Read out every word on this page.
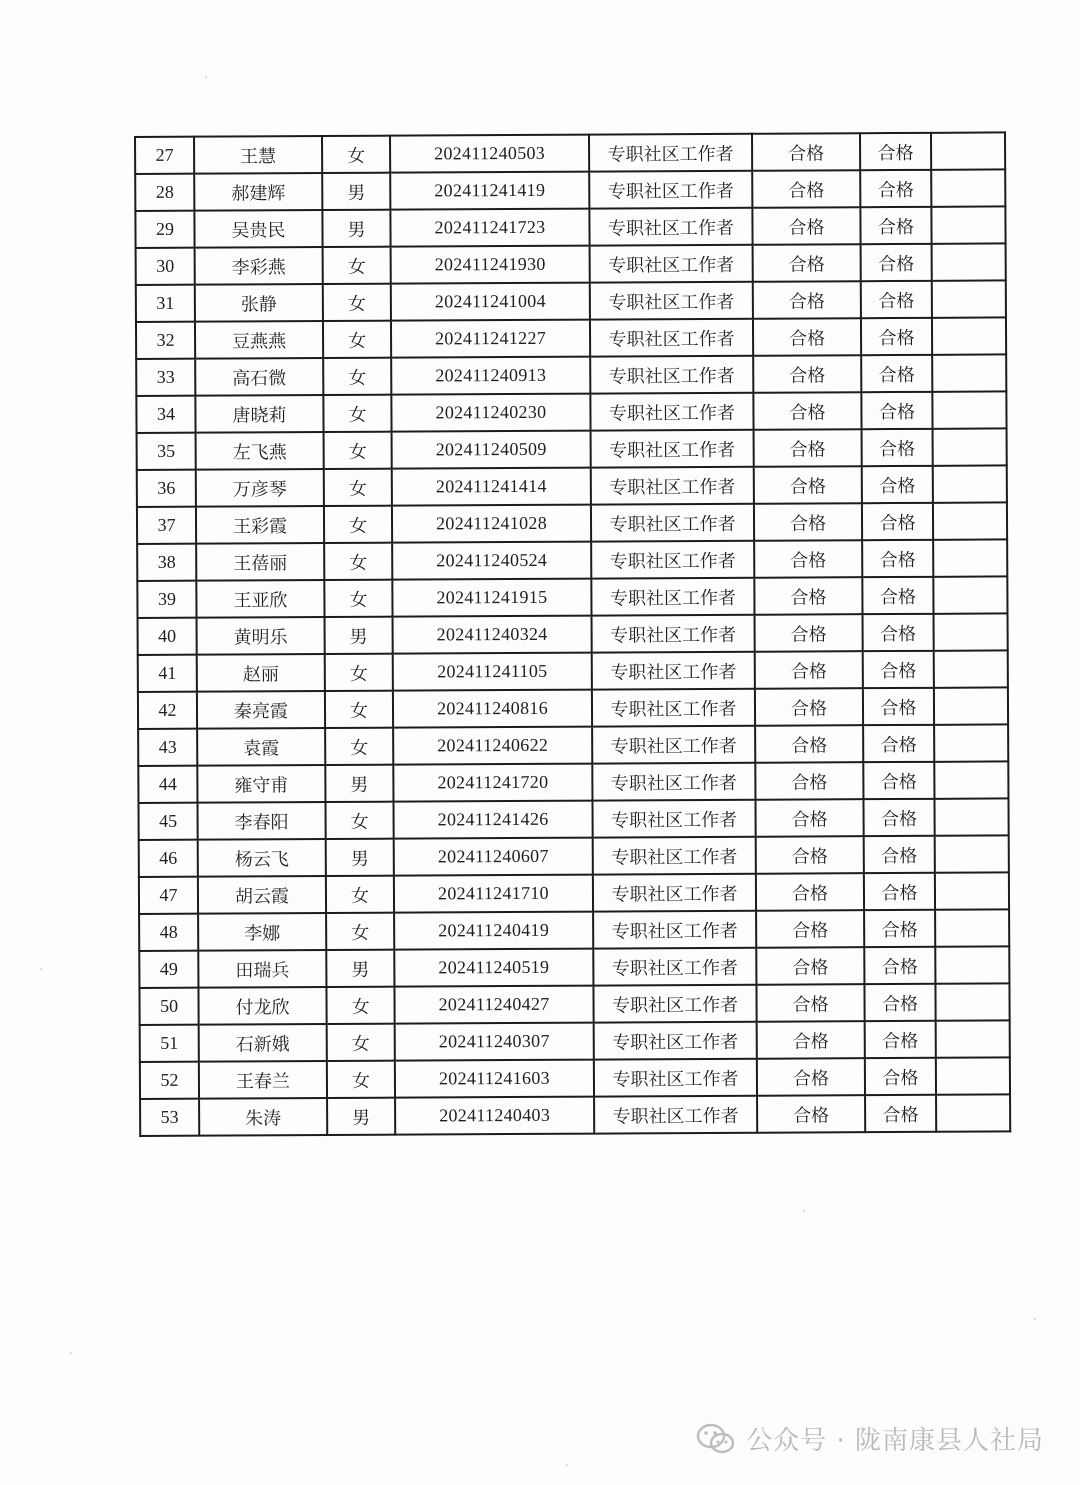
27	王慧	女	202411240503	专职社区工作者	合格	合格	
28	郝建辉	男	202411241419	专职社区工作者	合格	合格	
29	吴贵民	男	202411241723	专职社区工作者	合格	合格	
30	李彩燕	女	202411241930	专职社区工作者	合格	合格	
31	张静	女	202411241004	专职社区工作者	合格	合格	
32	豆燕燕	女	202411241227	专职社区工作者	合格	合格	
33	高石微	女	202411240913	专职社区工作者	合格	合格	
34	唐晓莉	女	202411240230	专职社区工作者	合格	合格	
35	左飞燕	女	202411240509	专职社区工作者	合格	合格	
36	万彦琴	女	202411241414	专职社区工作者	合格	合格	
37	王彩霞	女	202411241028	专职社区工作者	合格	合格	
38	王蓓丽	女	202411240524	专职社区工作者	合格	合格	
39	王亚欣	女	202411241915	专职社区工作者	合格	合格	
40	黄明乐	男	202411240324	专职社区工作者	合格	合格	
41	赵丽	女	202411241105	专职社区工作者	合格	合格	
42	秦亮霞	女	202411240816	专职社区工作者	合格	合格	
43	袁霞	女	202411240622	专职社区工作者	合格	合格	
44	雍守甫	男	202411241720	专职社区工作者	合格	合格	
45	李春阳	女	202411241426	专职社区工作者	合格	合格	
46	杨云飞	男	202411240607	专职社区工作者	合格	合格	
47	胡云霞	女	202411241710	专职社区工作者	合格	合格	
48	李娜	女	202411240419	专职社区工作者	合格	合格	
49	田瑞兵	男	202411240519	专职社区工作者	合格	合格	
50	付龙欣	女	202411240427	专职社区工作者	合格	合格	
51	石新娥	女	202411240307	专职社区工作者	合格	合格	
52	王春兰	女	202411241603	专职社区工作者	合格	合格	
53	朱涛	男	202411240403	专职社区工作者	合格	合格	
公众号 · 陇南康县人社局
